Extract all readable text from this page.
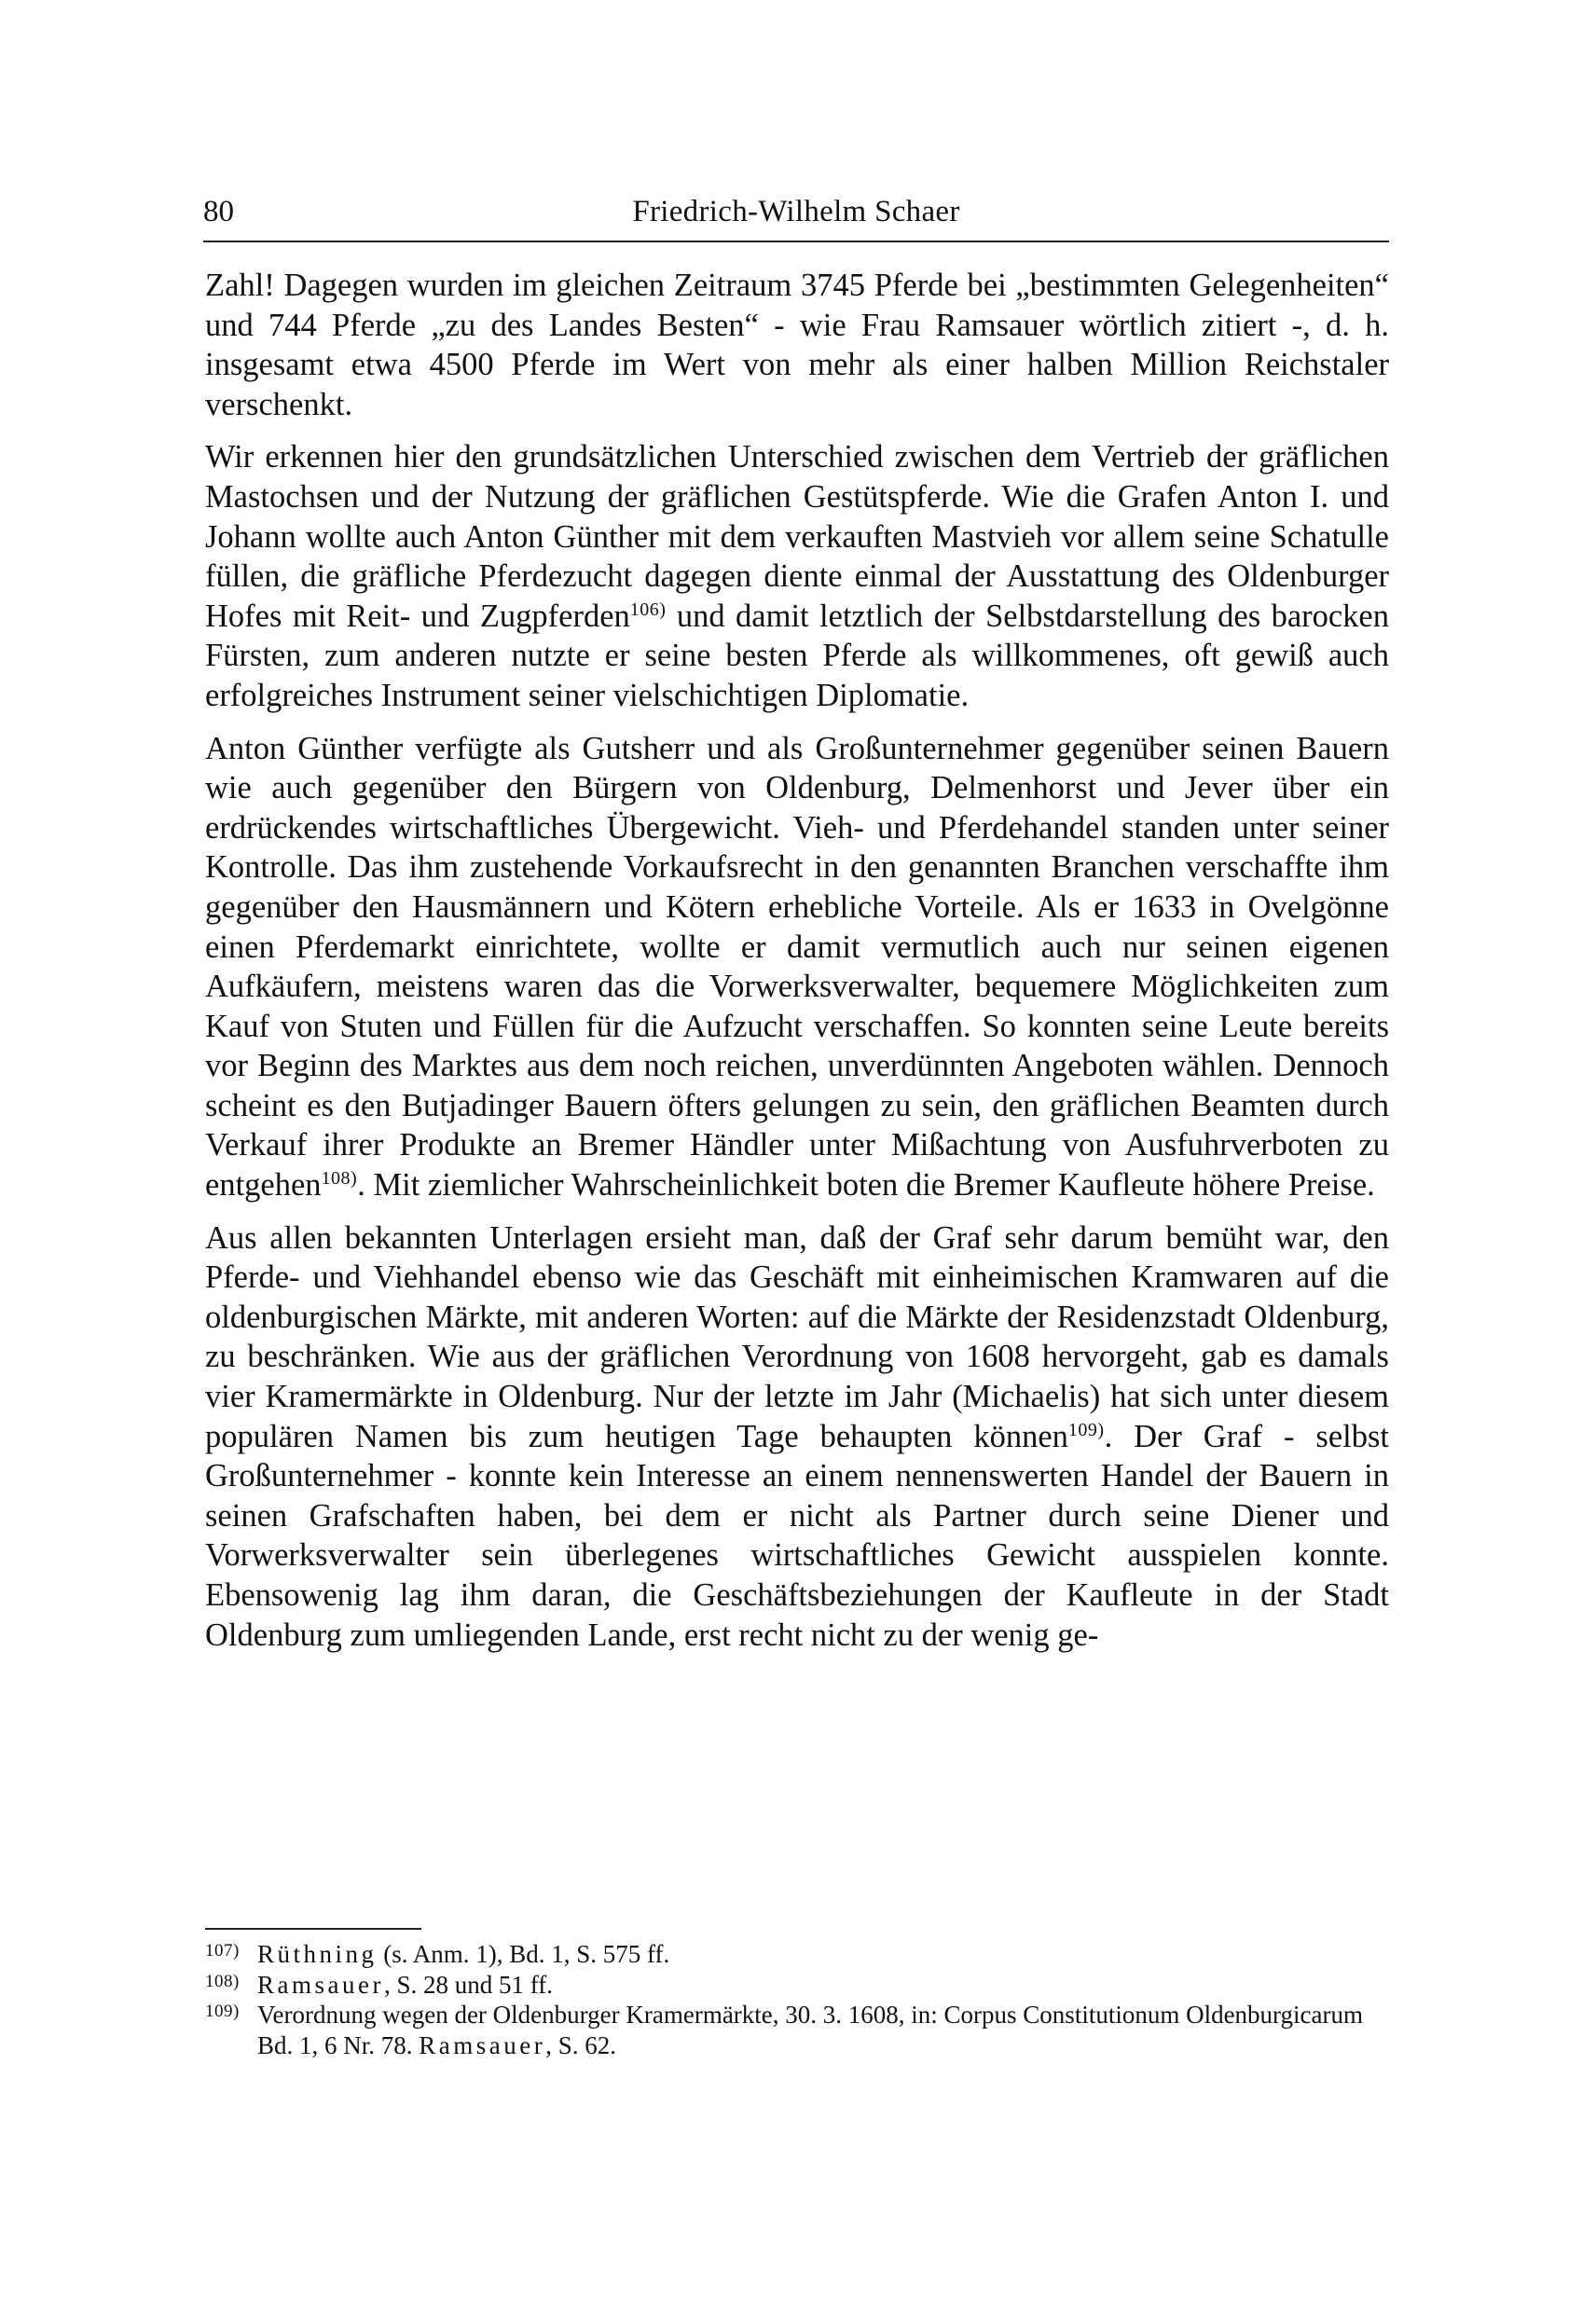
80	Friedrich-Wilhelm Schaer

Zahl! Dagegen wurden im gleichen Zeitraum 3745 Pferde bei „bestimmten Gelegenheiten“ und 744 Pferde „zu des Landes Besten“ - wie Frau Ramsauer wörtlich zitiert -, d. h. insgesamt etwa 4500 Pferde im Wert von mehr als einer halben Million Reichstaler verschenkt.

Wir erkennen hier den grundsätzlichen Unterschied zwischen dem Vertrieb der gräflichen Mastochsen und der Nutzung der gräflichen Gestütspferde. Wie die Grafen Anton I. und Johann wollte auch Anton Günther mit dem verkauften Mastvieh vor allem seine Schatulle füllen, die gräfliche Pferdezucht dagegen diente einmal der Ausstattung des Oldenburger Hofes mit Reit- und Zugpferden$^{106)}$ und damit letztlich der Selbstdarstellung des barocken Fürsten, zum anderen nutzte er seine besten Pferde als willkommenes, oft gewiß auch erfolgreiches Instrument seiner vielschichtigen Diplomatie.

Anton Günther verfügte als Gutsherr und als Großunternehmer gegenüber seinen Bauern wie auch gegenüber den Bürgern von Oldenburg, Delmenhorst und Jever über ein erdrückendes wirtschaftliches Übergewicht. Vieh- und Pferdehandel standen unter seiner Kontrolle. Das ihm zustehende Vorkaufsrecht in den genannten Branchen verschaffte ihm gegenüber den Hausmännern und Kötern erhebliche Vorteile. Als er 1633 in Ovelgönne einen Pferdemarkt einrichtete, wollte er damit vermutlich auch nur seinen eigenen Aufkäufern, meistens waren das die Vorwerksverwalter, bequemere Möglichkeiten zum Kauf von Stuten und Füllen für die Aufzucht verschaffen. So konnten seine Leute bereits vor Beginn des Marktes aus dem noch reichen, unverdünnten Angeboten wählen. Dennoch scheint es den Butjadinger Bauern öfters gelungen zu sein, den gräflichen Beamten durch Verkauf ihrer Produkte an Bremer Händler unter Mißachtung von Ausfuhrverboten zu entgehen$^{108)}$. Mit ziemlicher Wahrscheinlichkeit boten die Bremer Kaufleute höhere Preise.

Aus allen bekannten Unterlagen ersieht man, daß der Graf sehr darum bemüht war, den Pferde- und Viehhandel ebenso wie das Geschäft mit einheimischen Kramwaren auf die oldenburgischen Märkte, mit anderen Worten: auf die Märkte der Residenzstadt Oldenburg, zu beschränken. Wie aus der gräflichen Verordnung von 1608 hervorgeht, gab es damals vier Kramermärkte in Oldenburg. Nur der letzte im Jahr (Michaelis) hat sich unter diesem populären Namen bis zum heutigen Tage behaupten können$^{109)}$. Der Graf - selbst Großunternehmer - konnte kein Interesse an einem nennenswerten Handel der Bauern in seinen Grafschaften haben, bei dem er nicht als Partner durch seine Diener und Vorwerksverwalter sein überlegenes wirtschaftliches Gewicht ausspielen konnte. Ebensowenig lag ihm daran, die Geschäftsbeziehungen der Kaufleute in der Stadt Oldenburg zum umliegenden Lande, erst recht nicht zu der wenig ge-

107) Rüthning (s. Anm. 1), Bd. 1, S. 575 ff.
108) Ramsauer, S. 28 und 51 ff.
109) Verordnung wegen der Oldenburger Kramermärkte, 30. 3. 1608, in: Corpus Constitutionum Oldenburgicarum Bd. 1, 6 Nr. 78. Ramsauer, S. 62.
